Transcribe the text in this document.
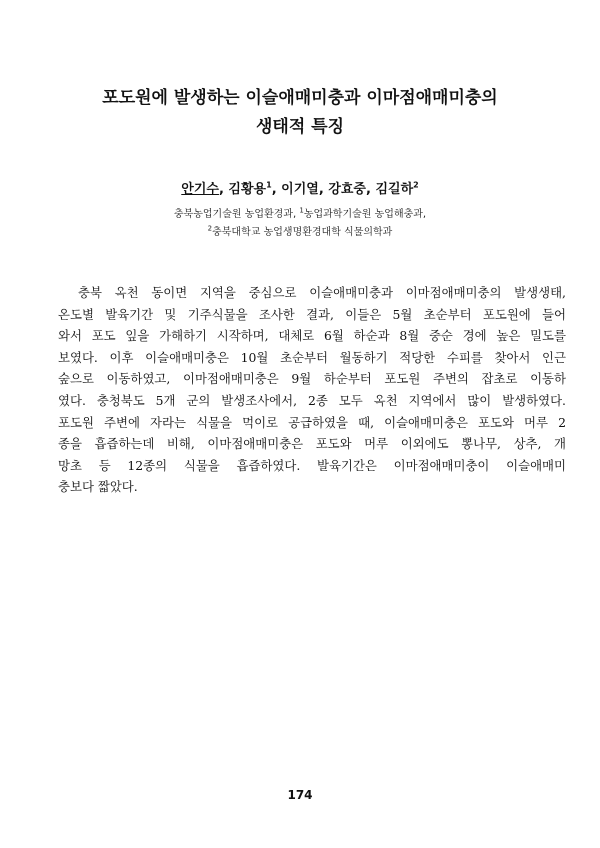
포도원에 발생하는 이슬애매미충과 이마점애매미충의
생태적 특징
안기수, 김황용$^1$, 이기열, 강효중, 김길하$^2$
충북농업기술원 농업환경과, $^1$농업과학기술원 농업해충과,
$^2$충북대학교 농업생명환경대학 식물의학과
충북 옥천 동이면 지역을 중심으로 이슬애매미충과 이마점애매미충의 발생생태,
온도별 발육기간 및 기주식물을 조사한 결과, 이들은 5월 초순부터 포도원에 들어
와서 포도 잎을 가해하기 시작하며, 대체로 6월 하순과 8월 중순 경에 높은 밀도를
보였다. 이후 이슬애매미충은 10월 초순부터 월동하기 적당한 수피를 찾아서 인근
숲으로 이동하였고, 이마점애매미충은 9월 하순부터 포도원 주변의 잡초로 이동하
였다. 충청북도 5개 군의 발생조사에서, 2종 모두 옥천 지역에서 많이 발생하였다.
포도원 주변에 자라는 식물을 먹이로 공급하였을 때, 이슬애매미충은 포도와 머루 2
종을 흡즙하는데 비해, 이마점애매미충은 포도와 머루 이외에도 뽕나무, 상추, 개
망초 등 12종의 식물을 흡즙하였다. 발육기간은 이마점애매미충이 이슬애매미
충보다 짧았다.
174
